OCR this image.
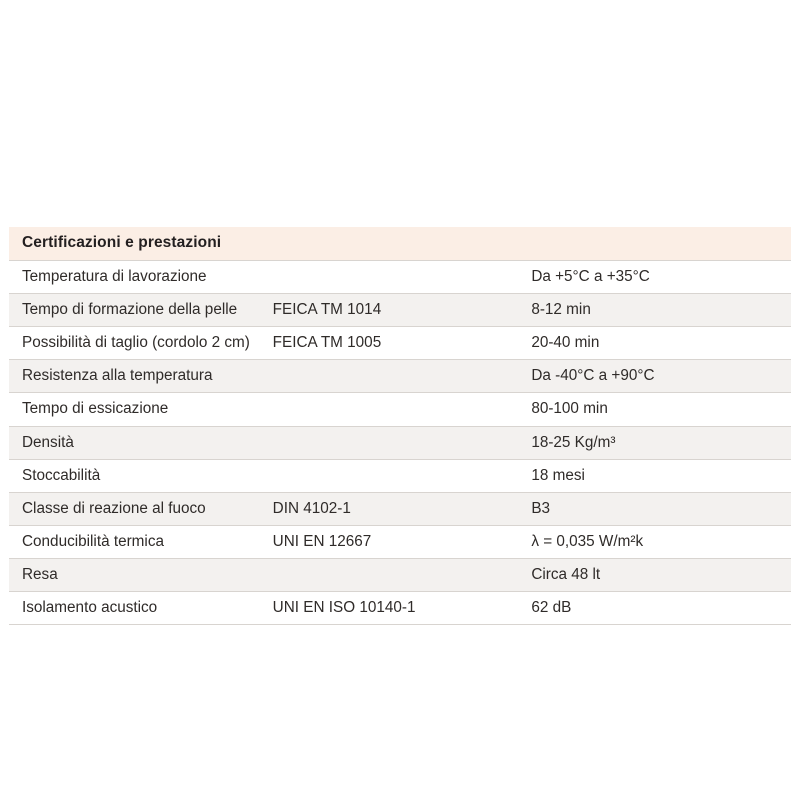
Certificazioni e prestazioni		
Temperatura di lavorazione		Da +5°C a +35°C
Tempo di formazione della pelle	FEICA TM 1014	8-12 min
Possibilità di taglio (cordolo 2 cm)	FEICA TM 1005	20-40 min
Resistenza alla temperatura		Da -40°C a +90°C
Tempo di essicazione		80-100 min
Densità		18-25 Kg/m³
Stoccabilità		18 mesi
Classe di reazione al fuoco	DIN 4102-1	B3
Conducibilità termica	UNI EN 12667	λ = 0,035 W/m²k
Resa		Circa 48 lt
Isolamento acustico	UNI EN ISO 10140-1	62 dB
